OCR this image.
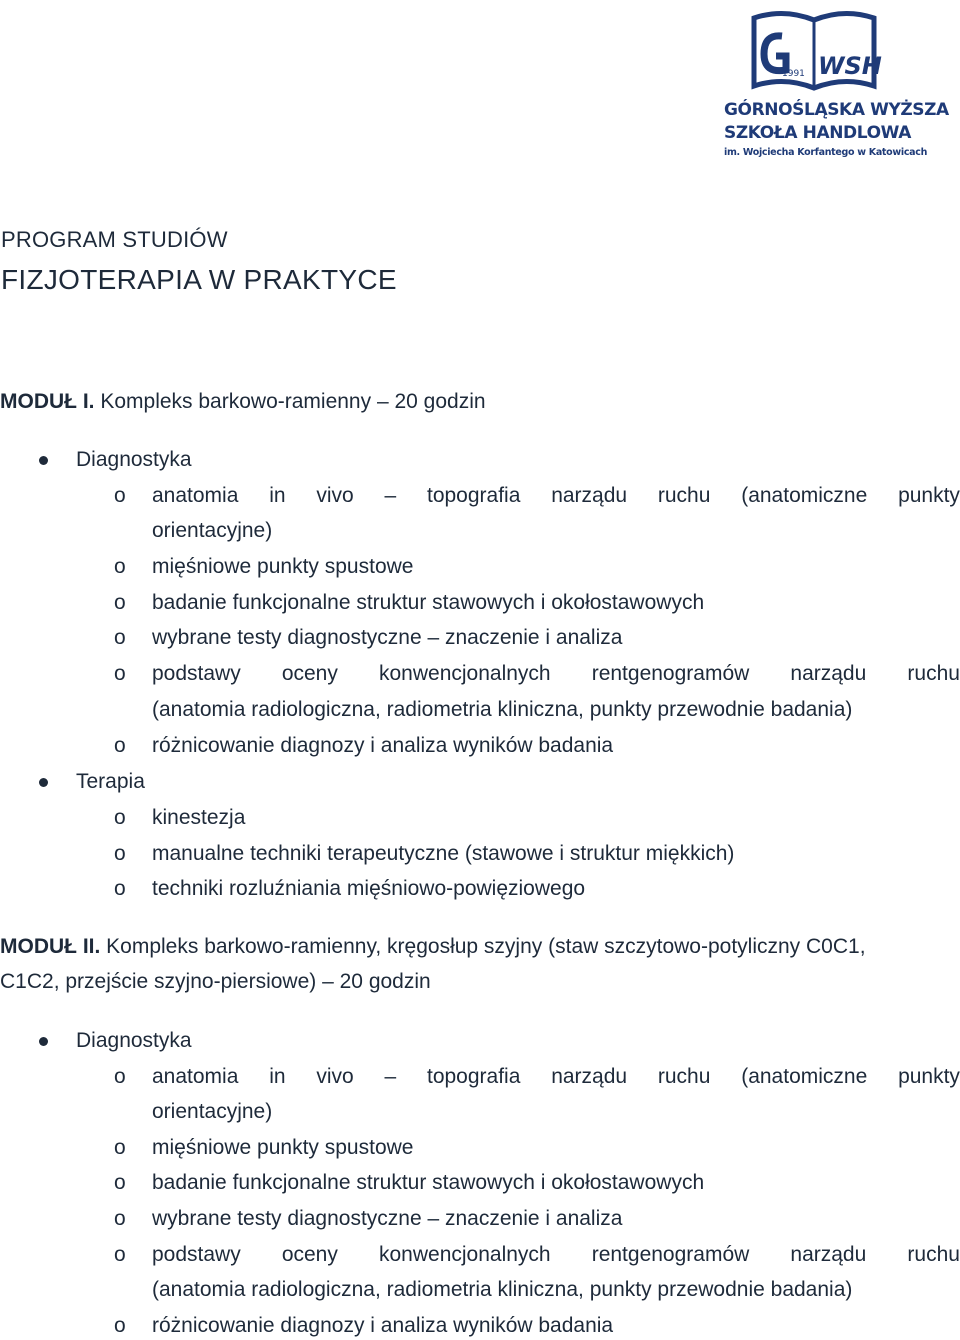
1991 WSH
GÓRNOŚLĄSKA WYŻSZA
SZKOŁA HANDLOWA
im. Wojciecha Korfantego w Katowicach
PROGRAM STUDIÓW
FIZJOTERAPIA W PRAKTYCE
MODUŁ I. Kompleks barkowo-ramienny – 20 godzin
Diagnostyka
o anatomia in vivo – topografia narządu ruchu (anatomiczne punkty
orientacyjne)
o mięśniowe punkty spustowe
o badanie funkcjonalne struktur stawowych i okołostawowych
o wybrane testy diagnostyczne – znaczenie i analiza
o podstawy oceny konwencjonalnych rentgenogramów narządu ruchu
(anatomia radiologiczna, radiometria kliniczna, punkty przewodnie badania)
o różnicowanie diagnozy i analiza wyników badania
Terapia
o kinestezja
o manualne techniki terapeutyczne (stawowe i struktur miękkich)
o techniki rozluźniania mięśniowo-powięziowego
MODUŁ II. Kompleks barkowo-ramienny, kręgosłup szyjny (staw szczytowo-potyliczny C0C1,
C1C2, przejście szyjno-piersiowe) – 20 godzin
Diagnostyka
o anatomia in vivo – topografia narządu ruchu (anatomiczne punkty
orientacyjne)
o mięśniowe punkty spustowe
o badanie funkcjonalne struktur stawowych i okołostawowych
o wybrane testy diagnostyczne – znaczenie i analiza
o podstawy oceny konwencjonalnych rentgenogramów narządu ruchu
(anatomia radiologiczna, radiometria kliniczna, punkty przewodnie badania)
o różnicowanie diagnozy i analiza wyników badania
